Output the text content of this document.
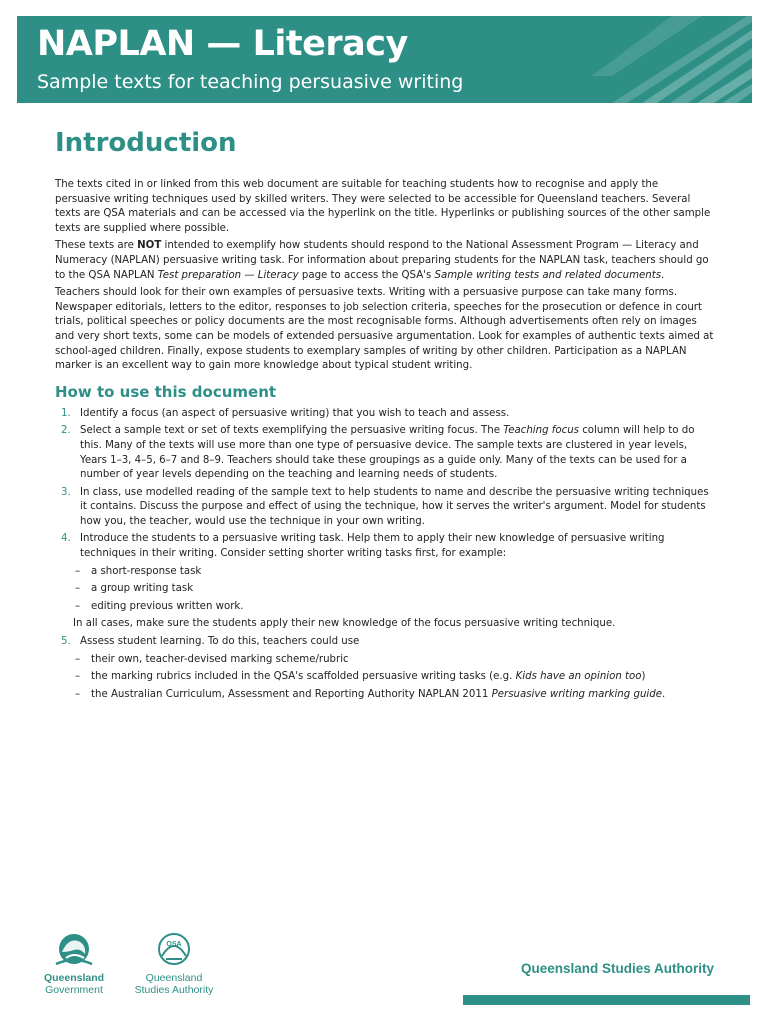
NAPLAN — Literacy
Sample texts for teaching persuasive writing
Introduction

The texts cited in or linked from this web document are suitable for teaching students how to recognise and apply the persuasive writing techniques used by skilled writers. They were selected to be accessible for Queensland teachers. Several texts are QSA materials and can be accessed via the hyperlink on the title. Hyperlinks or publishing sources of the other sample texts are supplied where possible.

These texts are NOT intended to exemplify how students should respond to the National Assessment Program — Literacy and Numeracy (NAPLAN) persuasive writing task. For information about preparing students for the NAPLAN task, teachers should go to the QSA NAPLAN Test preparation — Literacy page to access the QSA's Sample writing tests and related documents.

Teachers should look for their own examples of persuasive texts. Writing with a persuasive purpose can take many forms. Newspaper editorials, letters to the editor, responses to job selection criteria, speeches for the prosecution or defence in court trials, political speeches or policy documents are the most recognisable forms. Although advertisements often rely on images and very short texts, some can be models of extended persuasive argumentation. Look for examples of authentic texts aimed at school-aged children. Finally, expose students to exemplary samples of writing by other children. Participation as a NAPLAN marker is an excellent way to gain more knowledge about typical student writing.

How to use this document
1. Identify a focus (an aspect of persuasive writing) that you wish to teach and assess.

2. Select a sample text or set of texts exemplifying the persuasive writing focus. The Teaching focus column will help to do this. Many of the texts will use more than one type of persuasive device. The sample texts are clustered in year levels, Years 1–3, 4–5, 6–7 and 8–9. Teachers should take these groupings as a guide only. Many of the texts can be used for a number of year levels depending on the teaching and learning needs of students.

3. In class, use modelled reading of the sample text to help students to name and describe the persuasive writing techniques it contains. Discuss the purpose and effect of using the technique, how it serves the writer's argument. Model for students how you, the teacher, would use the technique in your own writing.

4. Introduce the students to a persuasive writing task. Help them to apply their new knowledge of persuasive writing techniques in their writing. Consider setting shorter writing tasks first, for example:

– a short-response task

– a group writing task

– editing previous written work.

In all cases, make sure the students apply their new knowledge of the focus persuasive writing technique.

5. Assess student learning. To do this, teachers could use

– their own, teacher-devised marking scheme/rubric

– the marking rubrics included in the QSA's scaffolded persuasive writing tasks (e.g. Kids have an opinion too)

– the Australian Curriculum, Assessment and Reporting Authority NAPLAN 2011 Persuasive writing marking guide.

Queensland
Government
QSA
Queensland
Studies Authority
Queensland Studies Authority
